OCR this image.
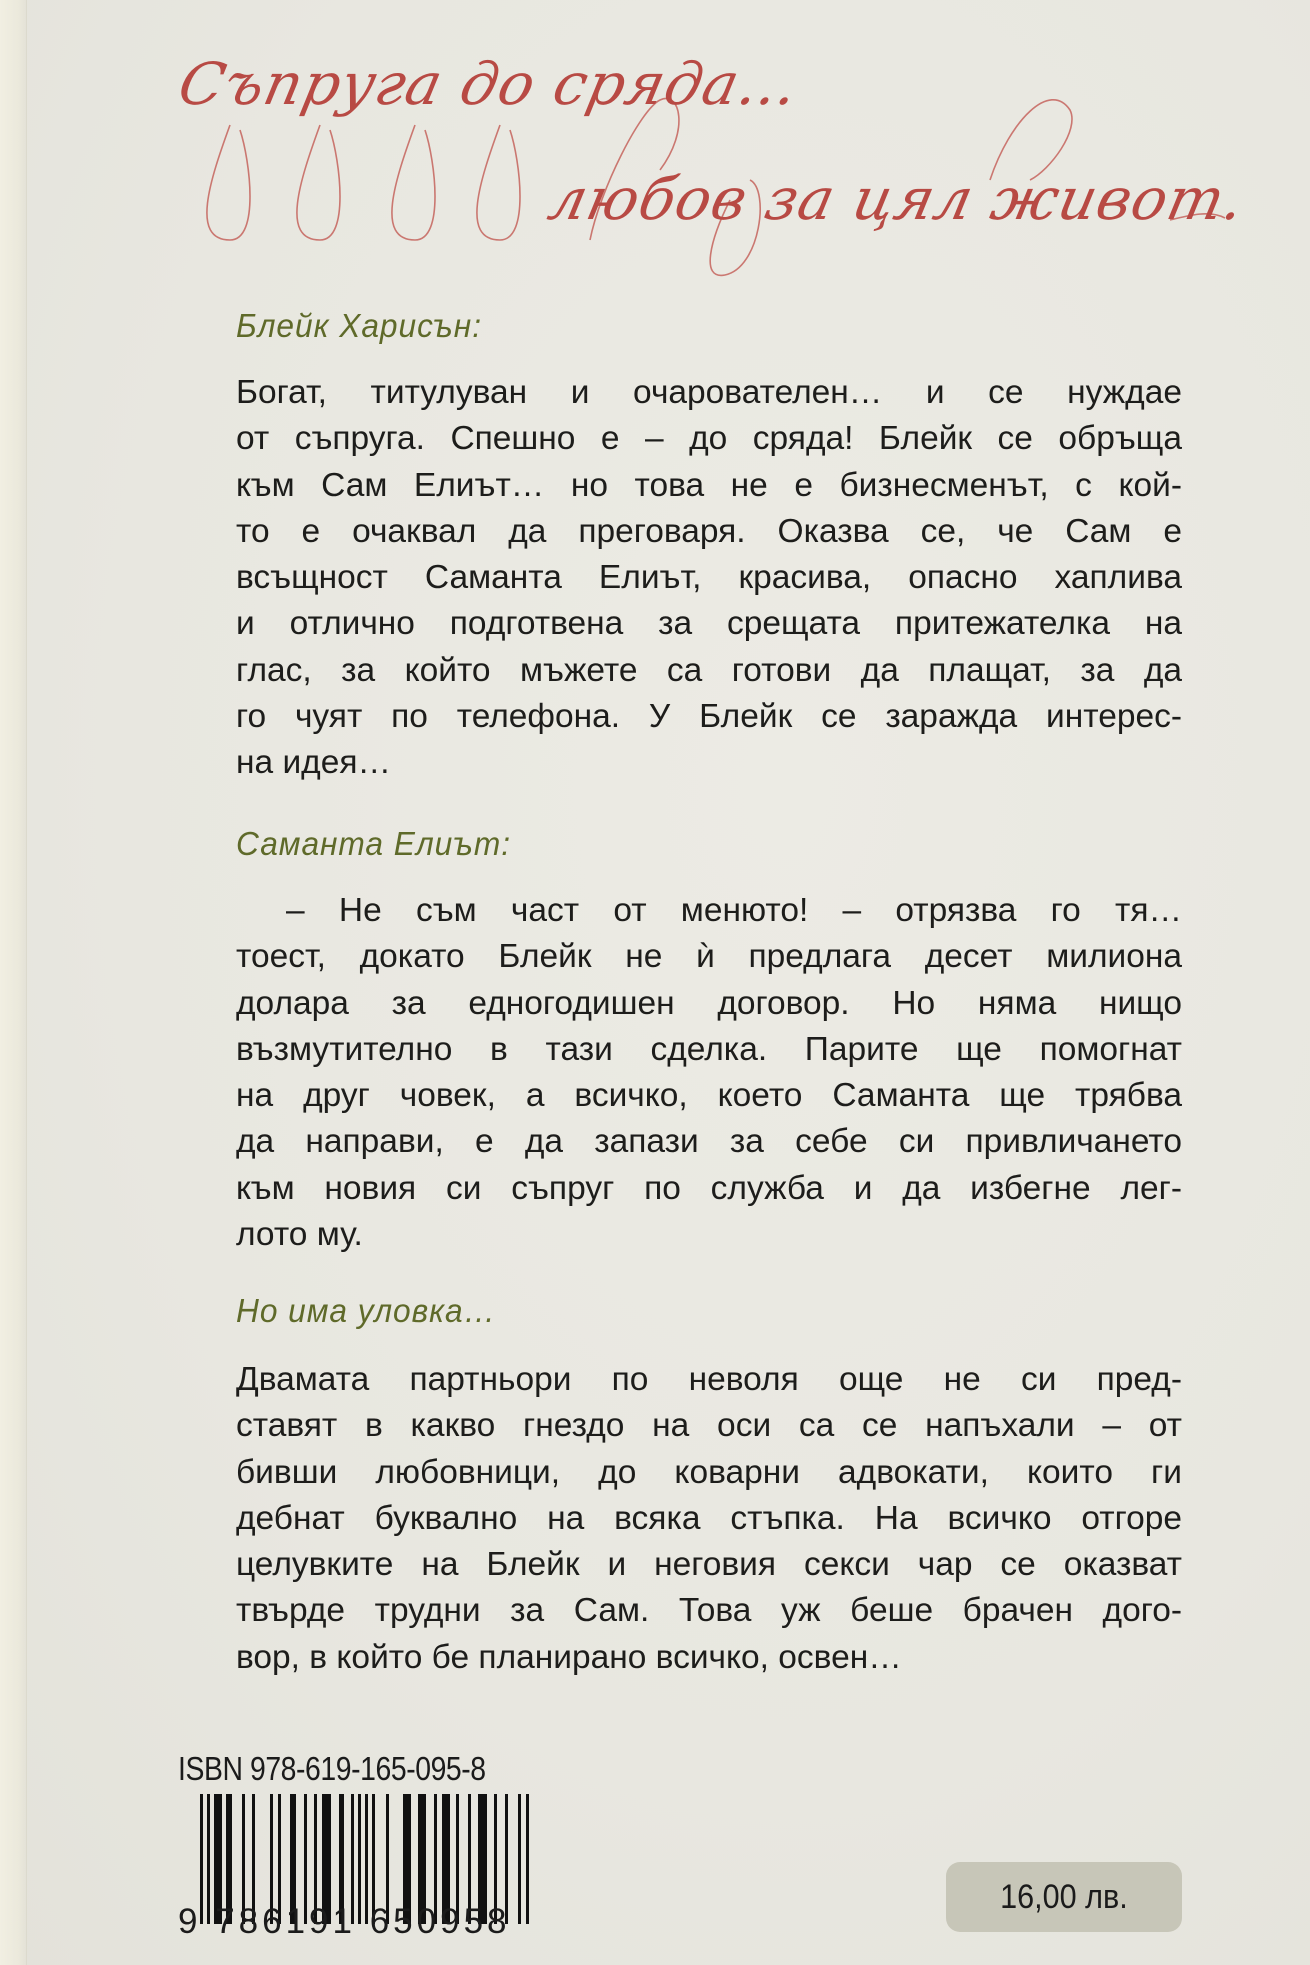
Съпруга до сряда…
любов за цял живот.
Блейк Харисън:
Богат, титулуван и очарователен… и се нуждае
от съпруга. Спешно е – до сряда! Блейк се обръща
към Сам Елиът… но това не е бизнесменът, с кой-
то е очаквал да преговаря. Оказва се, че Сам е
всъщност Саманта Елиът, красива, опасно хаплива
и отлично подготвена за срещата притежателка на
глас, за който мъжете са готови да плащат, за да
го чуят по телефона. У Блейк се заражда интерес-
на идея…
Саманта Елиът:
– Не съм част от менюто! – отрязва го тя…
тоест, докато Блейк не ѝ предлага десет милиона
долара за едногодишен договор. Но няма нищо
възмутително в тази сделка. Парите ще помогнат
на друг човек, а всичко, което Саманта ще трябва
да направи, е да запази за себе си привличането
към новия си съпруг по служба и да избегне лег-
лото му.
Но има уловка…
Двамата партньори по неволя още не си пред-
ставят в какво гнездо на оси са се напъхали – от
бивши любовници, до коварни адвокати, които ги
дебнат буквално на всяка стъпка. На всичко отгоре
целувките на Блейк и неговия секси чар се оказват
твърде трудни за Сам. Това уж беше брачен дого-
вор, в който бе планирано всичко, освен…
ISBN 978-619-165-095-8
9 786191 650958
16,00 лв.
